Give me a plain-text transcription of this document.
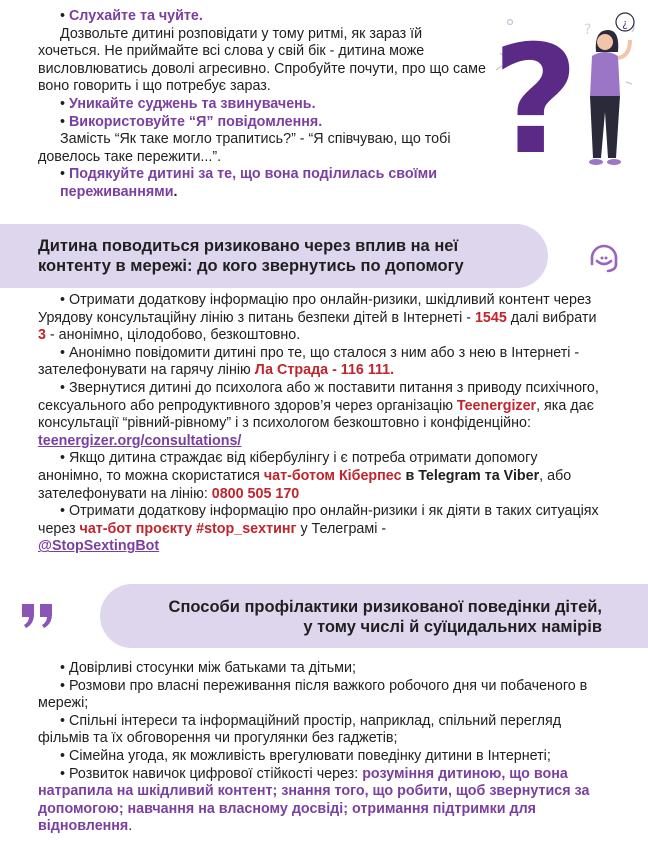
• Слухайте та чуйте.

Дозвольте дитині розповідати у тому ритмі, як зараз їй хочеться. Не приймайте всі слова у свій бік - дитина може висловлюватись доволі агресивно. Спробуйте почути, про що саме воно говорить і що потребує зараз.

• Уникайте суджень та звинувачень.

• Використовуйте “Я” повідомлення.

Замість “Як таке могло трапитись?” - “Я співчуваю, що тобі довелось таке пережити...”.

• Подякуйте дитині за те, що вона поділилась своїми переживаннями.

?
?	¿
Дитина поводиться ризиковано через вплив на неї
контенту в мережі: до кого звернутись по допомогу

• Отримати додаткову інформацію про онлайн-ризики, шкідливий контент через Урядову консультаційну лінію з питань безпеки дітей в Інтернеті - 1545 далі вибрати 3 - анонімно, цілодобово, безкоштовно.

• Анонімно повідомити дитині про те, що сталося з ним або з нею в Інтернеті - зателефонувати на гарячу лінію Ла Страда - 116 111.

• Звернутися дитині до психолога або ж поставити питання з приводу психічного, сексуального або репродуктивного здоров’я через організацію Teenergizer, яка дає консультації “рівний-рівному” і з психологом безкоштовно і конфіденційно:
teenergizer.org/consultations/

• Якщо дитина страждає від кібербулінгу і є потреба отримати допомогу анонімно, то можна скористатися чат-ботом Кіберпес в Telegram та Viber, або зателефонувати на лінію: 0800 505 170

• Отримати додаткову інформацію про онлайн-ризики і як діяти в таких ситуаціях через чат-бот проєкту #stop_sexтинг у Телеграмі -
@StopSextingBot

Способи профілактики ризикованої поведінки дітей,
у тому числі й суїцидальних намірів

• Довірливі стосунки між батьками та дітьми;

• Розмови про власні переживання після важкого робочого дня чи побаченого в мережі;

• Спільні інтереси та інформаційний простір, наприклад, спільний перегляд фільмів та їх обговорення чи прогулянки без гаджетів;

• Сімейна угода, як можливість врегулювати поведінку дитини в Інтернеті;

• Розвиток навичок цифрової стійкості через: розуміння дитиною, що вона натрапила на шкідливий контент; знання того, що робити, щоб звернутися за допомогою; навчання на власному досвіді; отримання підтримки для відновлення.
